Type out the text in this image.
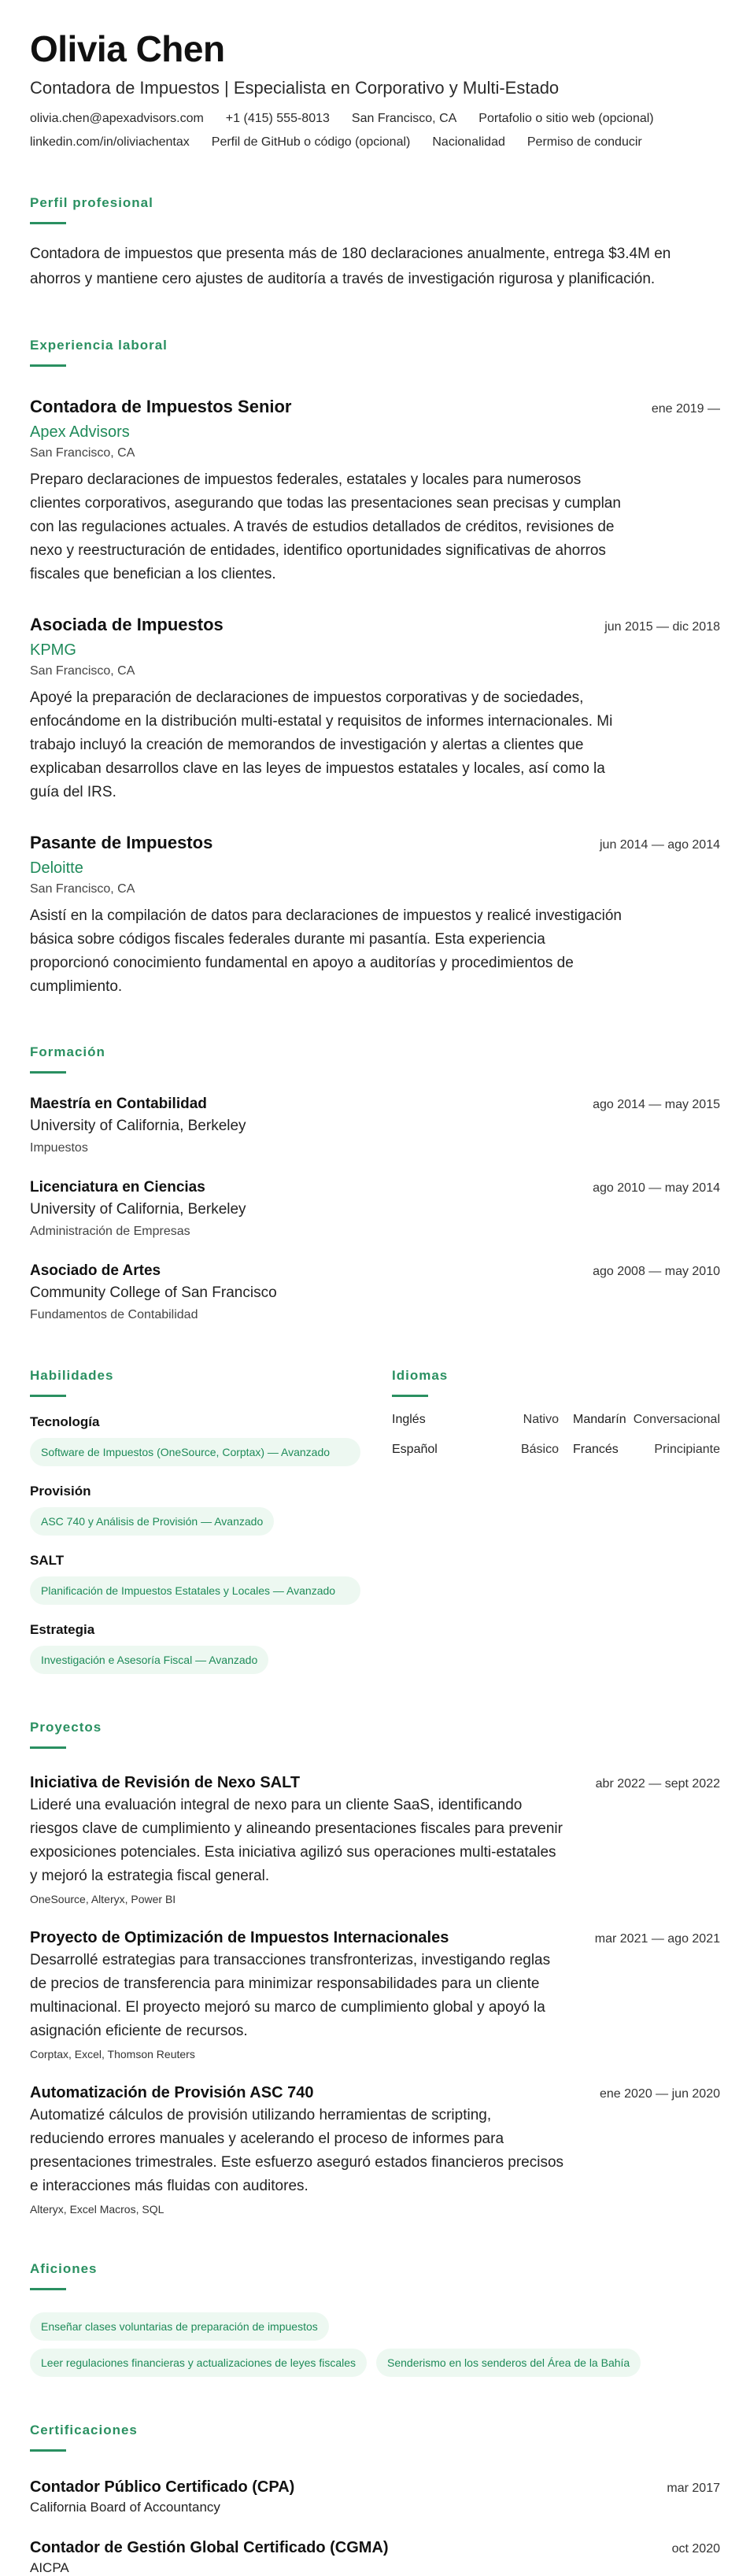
Olivia Chen
Contadora de Impuestos | Especialista en Corporativo y Multi-Estado
olivia.chen@apexadvisors.com +1 (415) 555-8013 San Francisco, CA Portafolio o sitio web (opcional)
linkedin.com/in/oliviachentax Perfil de GitHub o código (opcional) Nacionalidad Permiso de conducir
Perfil profesional

Contadora de impuestos que presenta más de 180 declaraciones anualmente, entrega $3.4M en ahorros y mantiene cero ajustes de auditoría a través de investigación rigurosa y planificación.

Experiencia laboral
Contadora de Impuestos Senior	ene 2019 —
Apex Advisors
San Francisco, CA

Preparo declaraciones de impuestos federales, estatales y locales para numerosos clientes corporativos, asegurando que todas las presentaciones sean precisas y cumplan con las regulaciones actuales. A través de estudios detallados de créditos, revisiones de nexo y reestructuración de entidades, identifico oportunidades significativas de ahorros fiscales que benefician a los clientes.

Asociada de Impuestos	jun 2015 — dic 2018
KPMG
San Francisco, CA

Apoyé la preparación de declaraciones de impuestos corporativas y de sociedades, enfocándome en la distribución multi-estatal y requisitos de informes internacionales. Mi trabajo incluyó la creación de memorandos de investigación y alertas a clientes que explicaban desarrollos clave en las leyes de impuestos estatales y locales, así como la guía del IRS.

Pasante de Impuestos	jun 2014 — ago 2014
Deloitte
San Francisco, CA

Asistí en la compilación de datos para declaraciones de impuestos y realicé investigación básica sobre códigos fiscales federales durante mi pasantía. Esta experiencia proporcionó conocimiento fundamental en apoyo a auditorías y procedimientos de cumplimiento.

Formación
Maestría en Contabilidad	ago 2014 — may 2015
University of California, Berkeley
Impuestos
Licenciatura en Ciencias	ago 2010 — may 2014
University of California, Berkeley
Administración de Empresas
Asociado de Artes	ago 2008 — may 2010
Community College of San Francisco
Fundamentos de Contabilidad
Habilidades
Tecnología
Software de Impuestos (OneSource, Corptax) — Avanzado
Provisión
ASC 740 y Análisis de Provisión — Avanzado
SALT
Planificación de Impuestos Estatales y Locales — Avanzado
Estrategia
Investigación e Asesoría Fiscal — Avanzado
Idiomas
Inglés	Nativo Mandarín Conversacional
Español	Básico Francés	Principiante
Proyectos
Iniciativa de Revisión de Nexo SALT	abr 2022 — sept 2022

Lideré una evaluación integral de nexo para un cliente SaaS, identificando riesgos clave de cumplimiento y alineando presentaciones fiscales para prevenir exposiciones potenciales. Esta iniciativa agilizó sus operaciones multi-estatales y mejoró la estrategia fiscal general.

OneSource, Alteryx, Power BI
Proyecto de Optimización de Impuestos Internacionales	mar 2021 — ago 2021

Desarrollé estrategias para transacciones transfronterizas, investigando reglas de precios de transferencia para minimizar responsabilidades para un cliente multinacional. El proyecto mejoró su marco de cumplimiento global y apoyó la asignación eficiente de recursos.

Corptax, Excel, Thomson Reuters
Automatización de Provisión ASC 740	ene 2020 — jun 2020

Automatizé cálculos de provisión utilizando herramientas de scripting, reduciendo errores manuales y acelerando el proceso de informes para presentaciones trimestrales. Este esfuerzo aseguró estados financieros precisos e interacciones más fluidas con auditores.

Alteryx, Excel Macros, SQL
Aficiones
Enseñar clases voluntarias de preparación de impuestos
Leer regulaciones financieras y actualizaciones de leyes fiscales	Senderismo en los senderos del Área de la Bahía
Certificaciones
Contador Público Certificado (CPA)	mar 2017
California Board of Accountancy
Contador de Gestión Global Certificado (CGMA)	oct 2020
AICPA
